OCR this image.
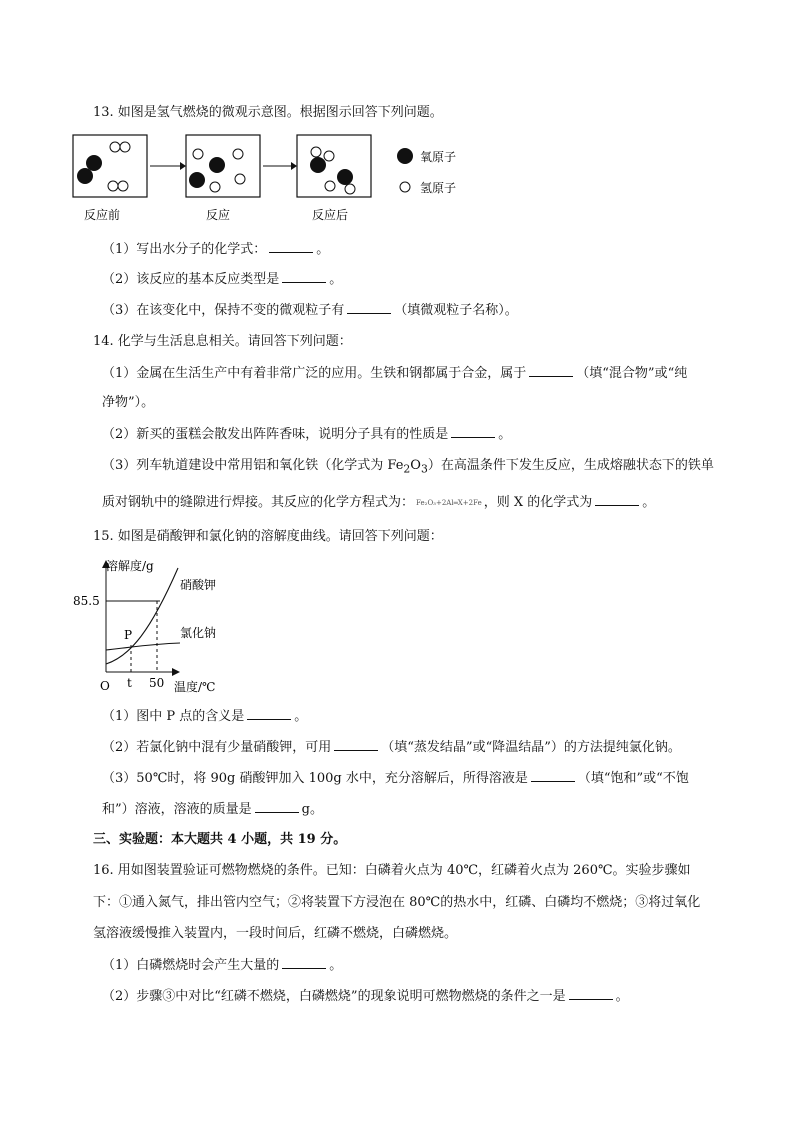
13. 如图是氢气燃烧的微观示意图。根据图示回答下列问题。
反应前	反应	反应后
氧原子
氢原子
（1）写出水分子的化学式：	。
（2）该反应的基本反应类型是	。
（3）在该变化中，保持不变的微观粒子有	（填微观粒子名称）。
14. 化学与生活息息相关。请回答下列问题：
（1）金属在生活生产中有着非常广泛的应用。生铁和钢都属于合金，属于	（填“混合物”或“纯
净物”）。
（2）新买的蛋糕会散发出阵阵香味，说明分子具有的性质是	。
（3）列车轨道建设中常用铝和氧化铁（化学式为 $Fe_2O_3$）在高温条件下发生反应，生成熔融状态下的铁单
质对钢轨中的缝隙进行焊接。其反应的化学方程式为： Fe₂O₃+2Al═X+2Fe ，则 X 的化学式为	。
15. 如图是硝酸钾和氯化钠的溶解度曲线。请回答下列问题：
溶解度/g
85.5
P
硝酸钾
氯化钠
O t 50 温度/℃
（1）图中 P 点的含义是	。
（2）若氯化钠中混有少量硝酸钾，可用	（填“蒸发结晶”或“降温结晶”）的方法提纯氯化钠。
（3）50℃时，将 90g 硝酸钾加入 100g 水中，充分溶解后，所得溶液是	（填“饱和”或“不饱
和”）溶液，溶液的质量是	g。
三、实验题：本大题共 4 小题，共 19 分。
16. 用如图装置验证可燃物燃烧的条件。已知：白磷着火点为 40℃，红磷着火点为 260℃。实验步骤如
下：①通入氮气，排出管内空气；②将装置下方浸泡在 80℃的热水中，红磷、白磷均不燃烧；③将过氧化
氢溶液缓慢推入装置内，一段时间后，红磷不燃烧，白磷燃烧。
（1）白磷燃烧时会产生大量的	。
（2）步骤③中对比“红磷不燃烧，白磷燃烧”的现象说明可燃物燃烧的条件之一是	。
